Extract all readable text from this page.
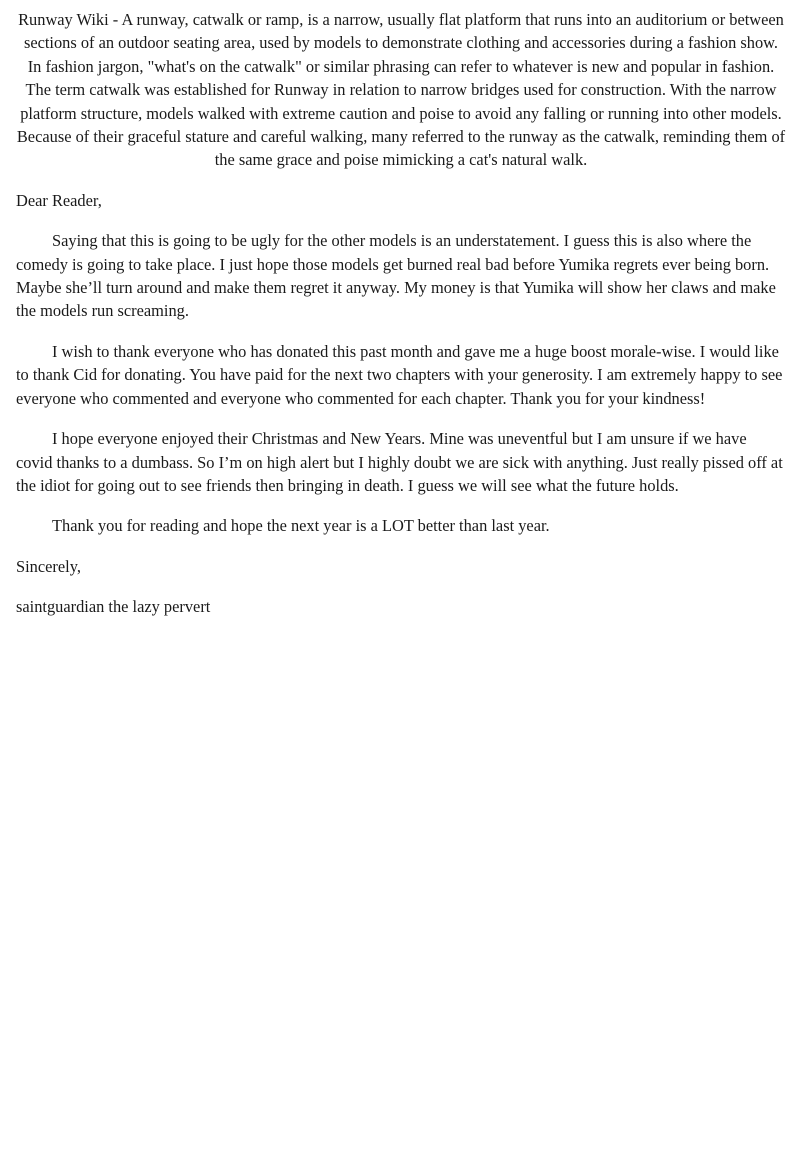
Runway Wiki - A runway, catwalk or ramp, is a narrow, usually flat platform that runs into an auditorium or between sections of an outdoor seating area, used by models to demonstrate clothing and accessories during a fashion show. In fashion jargon, "what's on the catwalk" or similar phrasing can refer to whatever is new and popular in fashion. The term catwalk was established for Runway in relation to narrow bridges used for construction. With the narrow platform structure, models walked with extreme caution and poise to avoid any falling or running into other models. Because of their graceful stature and careful walking, many referred to the runway as the catwalk, reminding them of the same grace and poise mimicking a cat's natural walk.

Dear Reader,

Saying that this is going to be ugly for the other models is an understatement. I guess this is also where the comedy is going to take place. I just hope those models get burned real bad before Yumika regrets ever being born. Maybe she’ll turn around and make them regret it anyway. My money is that Yumika will show her claws and make the models run screaming.

I wish to thank everyone who has donated this past month and gave me a huge boost morale-wise. I would like to thank Cid for donating. You have paid for the next two chapters with your generosity. I am extremely happy to see everyone who commented and everyone who commented for each chapter. Thank you for your kindness!

I hope everyone enjoyed their Christmas and New Years. Mine was uneventful but I am unsure if we have covid thanks to a dumbass. So I’m on high alert but I highly doubt we are sick with anything. Just really pissed off at the idiot for going out to see friends then bringing in death. I guess we will see what the future holds.

Thank you for reading and hope the next year is a LOT better than last year.

Sincerely,

saintguardian the lazy pervert
